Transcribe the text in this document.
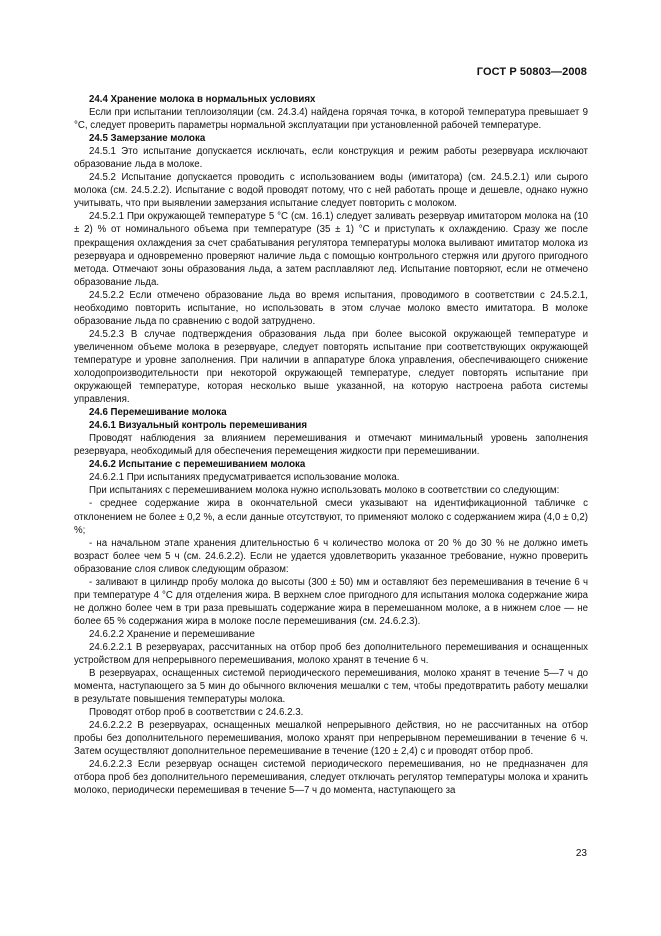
ГОСТ Р 50803—2008

24.4 Хранение молока в нормальных условиях

Если при испытании теплоизоляции (см. 24.3.4) найдена горячая точка, в которой температура превышает 9 °С, следует проверить параметры нормальной эксплуатации при установленной рабочей температуре.

24.5 Замерзание молока

24.5.1 Это испытание допускается исключать, если конструкция и режим работы резервуара исключают образование льда в молоке.

24.5.2 Испытание допускается проводить с использованием воды (имитатора) (см. 24.5.2.1) или сырого молока (см. 24.5.2.2). Испытание с водой проводят потому, что с ней работать проще и дешевле, однако нужно учитывать, что при выявлении замерзания испытание следует повторить с молоком.

24.5.2.1 При окружающей температуре 5 °С (см. 16.1) следует заливать резервуар имитатором молока на (10 ± 2) % от номинального объема при температуре (35 ± 1) °С и приступать к охлаждению. Сразу же после прекращения охлаждения за счет срабатывания регулятора температуры молока выливают имитатор молока из резервуара и одновременно проверяют наличие льда с помощью контрольного стержня или другого пригодного метода. Отмечают зоны образования льда, а затем расплавляют лед. Испытание повторяют, если не отмечено образование льда.

24.5.2.2 Если отмечено образование льда во время испытания, проводимого в соответствии с 24.5.2.1, необходимо повторить испытание, но использовать в этом случае молоко вместо имитатора. В молоке образование льда по сравнению с водой затруднено.

24.5.2.3 В случае подтверждения образования льда при более высокой окружающей температуре и увеличенном объеме молока в резервуаре, следует повторять испытание при соответствующих окружающей температуре и уровне заполнения. При наличии в аппаратуре блока управления, обеспечивающего снижение холодопроизводительности при некоторой окружающей температуре, следует повторять испытание при окружающей температуре, которая несколько выше указанной, на которую настроена работа системы управления.

24.6 Перемешивание молока

24.6.1 Визуальный контроль перемешивания

Проводят наблюдения за влиянием перемешивания и отмечают минимальный уровень заполнения резервуара, необходимый для обеспечения перемещения жидкости при перемешивании.

24.6.2 Испытание с перемешиванием молока

24.6.2.1 При испытаниях предусматривается использование молока.

При испытаниях с перемешиванием молока нужно использовать молоко в соответствии со следующим:

- среднее содержание жира в окончательной смеси указывают на идентификационной табличке с отклонением не более ± 0,2 %, а если данные отсутствуют, то применяют молоко с содержанием жира (4,0 ± 0,2) %;

- на начальном этапе хранения длительностью 6 ч количество молока от 20 % до 30 % не должно иметь возраст более чем 5 ч (см. 24.6.2.2). Если не удается удовлетворить указанное требование, нужно проверить образование слоя сливок следующим образом:

- заливают в цилиндр пробу молока до высоты (300 ± 50) мм и оставляют без перемешивания в течение 6 ч при температуре 4 °С для отделения жира. В верхнем слое пригодного для испытания молока содержание жира не должно более чем в три раза превышать содержание жира в перемешанном молоке, а в нижнем слое — не более 65 % содержания жира в молоке после перемешивания (см. 24.6.2.3).

24.6.2.2 Хранение и перемешивание

24.6.2.2.1 В резервуарах, рассчитанных на отбор проб без дополнительного перемешивания и оснащенных устройством для непрерывного перемешивания, молоко хранят в течение 6 ч.

В резервуарах, оснащенных системой периодического перемешивания, молоко хранят в течение 5—7 ч до момента, наступающего за 5 мин до обычного включения мешалки с тем, чтобы предотвратить работу мешалки в результате повышения температуры молока.

Проводят отбор проб в соответствии с 24.6.2.3.

24.6.2.2.2 В резервуарах, оснащенных мешалкой непрерывного действия, но не рассчитанных на отбор пробы без дополнительного перемешивания, молоко хранят при непрерывном перемешивании в течение 6 ч. Затем осуществляют дополнительное перемешивание в течение (120 ± 2,4) с и проводят отбор проб.

24.6.2.2.3 Если резервуар оснащен системой периодического перемешивания, но не предназначен для отбора проб без дополнительного перемешивания, следует отключать регулятор температуры молока и хранить молоко, периодически перемешивая в течение 5—7 ч до момента, наступающего за

23
